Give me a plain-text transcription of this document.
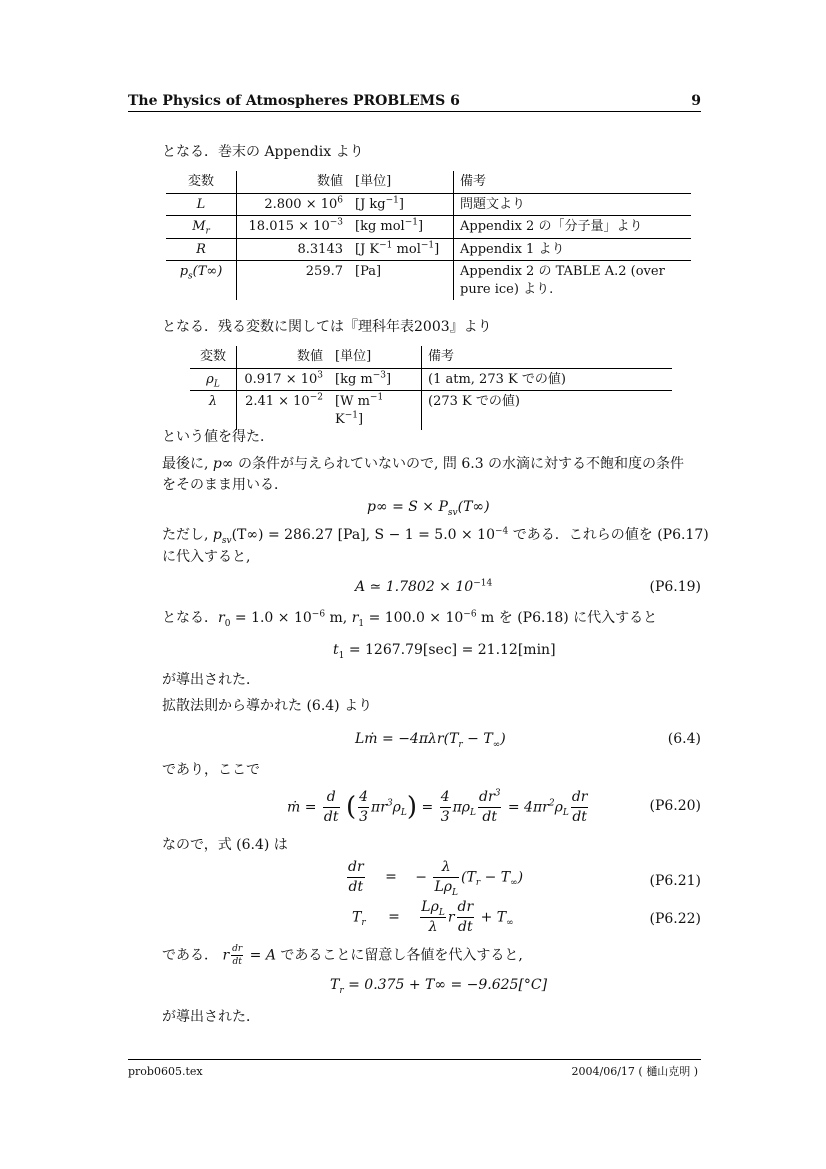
The Physics of Atmospheres PROBLEMS 6	9
となる．巻末の Appendix より
変数	数値	[単位]	備考
L	$2.800 \times 10^6$	[J $kg^{-1}$]	問題文より
$M_r$	$18.015 \times 10^{-3}$	[kg mol$^{-1}$]	Appendix 2 の「分子量」より
R	8.3143	[J $K^{-1}$ mol$^{-1}$]	Appendix 1 より
$p_s(T\infty)$	259.7	[Pa]	Appendix 2 の TABLE A.2 (over
pure ice) より.
となる．残る変数に関しては『理科年表2003』より
変数	数値	[単位]	備考
$\rho_L$	$0.917 \times 10^3$	[kg $m^{-3}$]	(1 atm, 273 K での値)
λ	$2.41 \times 10^{-2}$	[W $m^{-1}$ $K^{-1}$]	(273 K での値)
という値を得た．
最後に, p∞ の条件が与えられていないので, 問 6.3 の水滴に対する不飽和度の条件
をそのまま用いる．
$p\infty = S \times P_{sv}(T\infty)$
ただし, $p_{sv}(T\infty) = 286.27$ [Pa], $S - 1 = 5.0 \times 10^{-4}$ である．これらの値を (P6.17)
に代入すると,
A ≃ $1.7802 \times 10^{-14}$	(P6.19)
となる．$r_0 = 1.0 \times 10^{-6}$ m, $r_1 = 100.0 \times 10^{-6}$ m を (P6.18) に代入すると
$t_1 = 1267.79[\sec] = 21.12[\min]$
が導出された．
拡散法則から導かれた (6.4) より
Lṁ = $-4\pi\lambda r(T_r - T_\infty)$	(6.4)
であり，ここで
ṁ = $\frac{d}{dt}$ ( $\frac{4}{3} \pi r^3\rho_L) = \frac{4}{3} \pi\rho_L \frac{dr^3}{dt} = 4\pi r^2\rho_L \frac{dr}{dt}$	(P6.20)
なので，式 (6.4) は
$\frac{dr}{dt}$ = − $\frac{\lambda}{L\rho_L} (T_r - T_\infty)$	(P6.21)
$T_r = \frac{L\rho_L}{\lambda}$ r $\frac{dr}{dt} + T_\infty$	(P6.22)
である． r $\frac{dr}{dt} = A$ であることに留意し各値を代入すると,
$T_r = 0.375 + T\infty = -9.625[^\circ C]$
が導出された．
prob0605.tex	2004/06/17 ( 樋山克明 )
